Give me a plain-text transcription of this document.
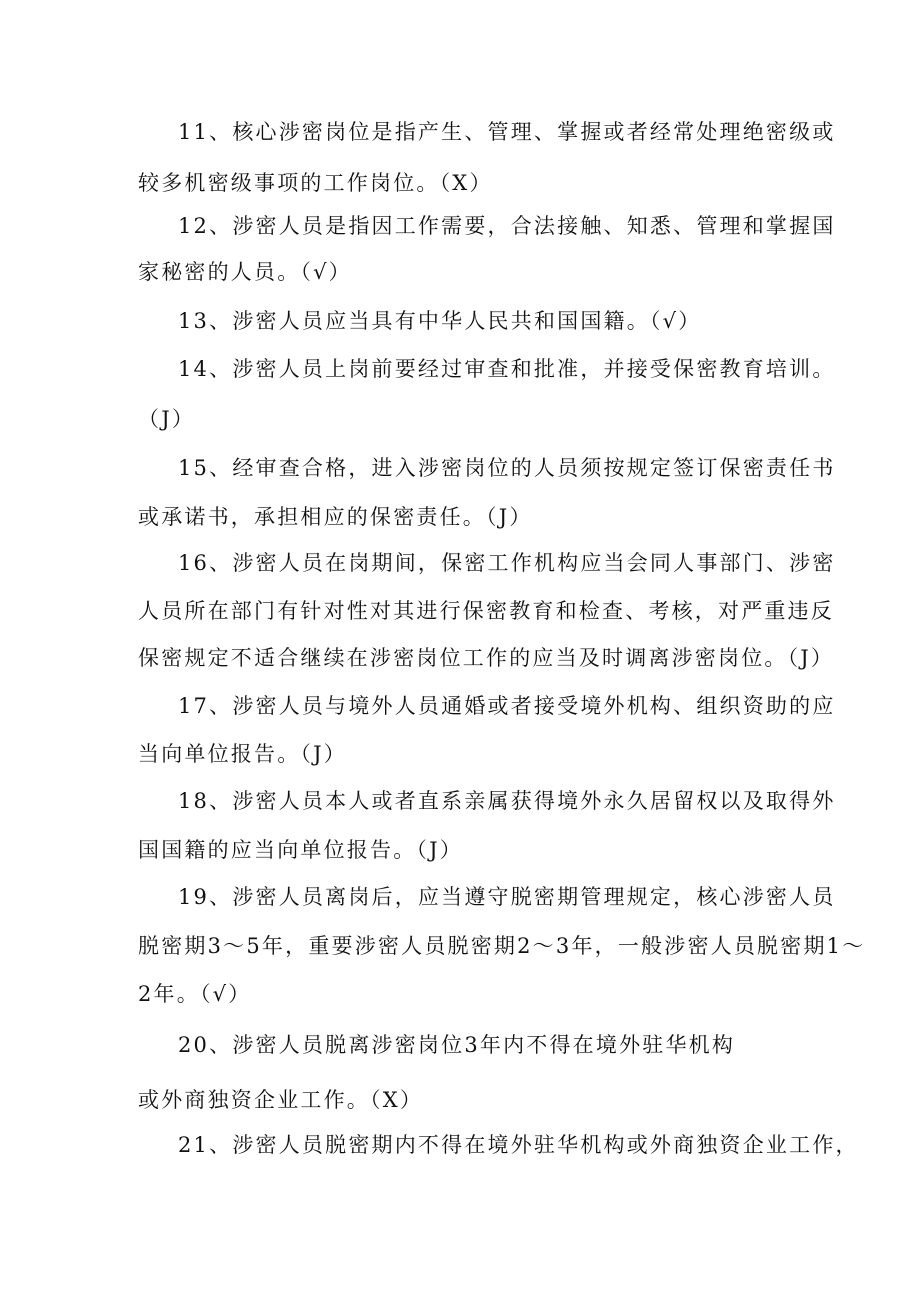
11、核心涉密岗位是指产生、管理、掌握或者经常处理绝密级或
较多机密级事项的工作岗位。（X）
12、涉密人员是指因工作需要，合法接触、知悉、管理和掌握国
家秘密的人员。（√）
13、涉密人员应当具有中华人民共和国国籍。（√）
14、涉密人员上岗前要经过审查和批准，并接受保密教育培训。
（J）
15、经审查合格，进入涉密岗位的人员须按规定签订保密责任书
或承诺书，承担相应的保密责任。（J）
16、涉密人员在岗期间，保密工作机构应当会同人事部门、涉密
人员所在部门有针对性对其进行保密教育和检查、考核，对严重违反
保密规定不适合继续在涉密岗位工作的应当及时调离涉密岗位。（J）
17、涉密人员与境外人员通婚或者接受境外机构、组织资助的应
当向单位报告。（J）
18、涉密人员本人或者直系亲属获得境外永久居留权以及取得外
国国籍的应当向单位报告。（J）
19、涉密人员离岗后，应当遵守脱密期管理规定，核心涉密人员
脱密期3～5年，重要涉密人员脱密期2～3年，一般涉密人员脱密期1～
2年。（√）
20、涉密人员脱离涉密岗位3年内不得在境外驻华机构
或外商独资企业工作。（X）
21、涉密人员脱密期内不得在境外驻华机构或外商独资企业工作，
